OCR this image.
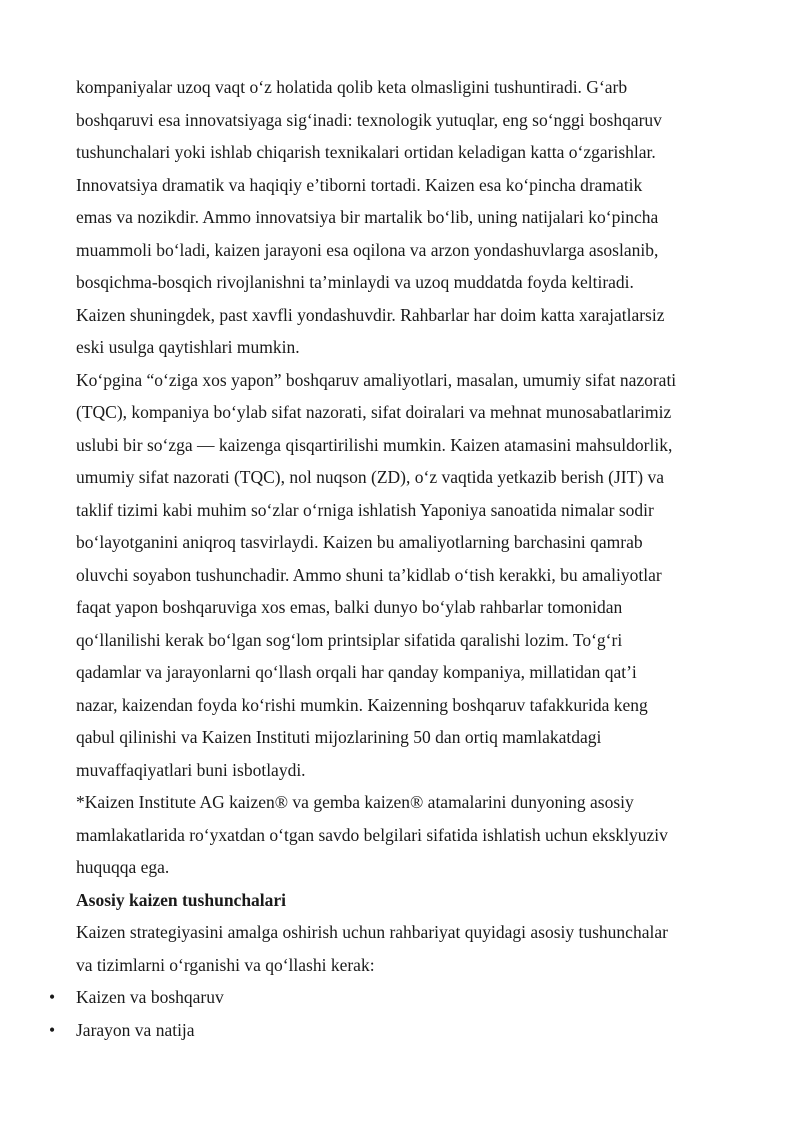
kompaniyalar uzoq vaqt o‘z holatida qolib keta olmasligini tushuntiradi. G‘arb
boshqaruvi esa innovatsiyaga sig‘inadi: texnologik yutuqlar, eng so‘nggi boshqaruv
tushunchalari yoki ishlab chiqarish texnikalari ortidan keladigan katta o‘zgarishlar.
Innovatsiya dramatik va haqiqiy e’tiborni tortadi. Kaizen esa ko‘pincha dramatik
emas va nozikdir. Ammo innovatsiya bir martalik bo‘lib, uning natijalari ko‘pincha
muammoli bo‘ladi, kaizen jarayoni esa oqilona va arzon yondashuvlarga asoslanib,
bosqichma-bosqich rivojlanishni ta’minlaydi va uzoq muddatda foyda keltiradi.
Kaizen shuningdek, past xavfli yondashuvdir. Rahbarlar har doim katta xarajatlarsiz
eski usulga qaytishlari mumkin.

Ko‘pgina “o‘ziga xos yapon” boshqaruv amaliyotlari, masalan, umumiy sifat nazorati
(TQC), kompaniya bo‘ylab sifat nazorati, sifat doiralari va mehnat munosabatlarimiz
uslubi bir so‘zga — kaizenga qisqartirilishi mumkin. Kaizen atamasini mahsuldorlik,
umumiy sifat nazorati (TQC), nol nuqson (ZD), o‘z vaqtida yetkazib berish (JIT) va
taklif tizimi kabi muhim so‘zlar o‘rniga ishlatish Yaponiya sanoatida nimalar sodir
bo‘layotganini aniqroq tasvirlaydi. Kaizen bu amaliyotlarning barchasini qamrab
oluvchi soyabon tushunchadir. Ammo shuni ta’kidlab o‘tish kerakki, bu amaliyotlar
faqat yapon boshqaruviga xos emas, balki dunyo bo‘ylab rahbarlar tomonidan
qo‘llanilishi kerak bo‘lgan sog‘lom printsiplar sifatida qaralishi lozim. To‘g‘ri
qadamlar va jarayonlarni qo‘llash orqali har qanday kompaniya, millatidan qat’i
nazar, kaizendan foyda ko‘rishi mumkin. Kaizenning boshqaruv tafakkurida keng
qabul qilinishi va Kaizen Instituti mijozlarining 50 dan ortiq mamlakatdagi
muvaffaqiyatlari buni isbotlaydi.

*Kaizen Institute AG kaizen® va gemba kaizen® atamalarini dunyoning asosiy
mamlakatlarida ro‘yxatdan o‘tgan savdo belgilari sifatida ishlatish uchun eksklyuziv
huquqqa ega.

Asosiy kaizen tushunchalari

Kaizen strategiyasini amalga oshirish uchun rahbariyat quyidagi asosiy tushunchalar
va tizimlarni o‘rganishi va qo‘llashi kerak:

• Kaizen va boshqaruv
• Jarayon va natija
